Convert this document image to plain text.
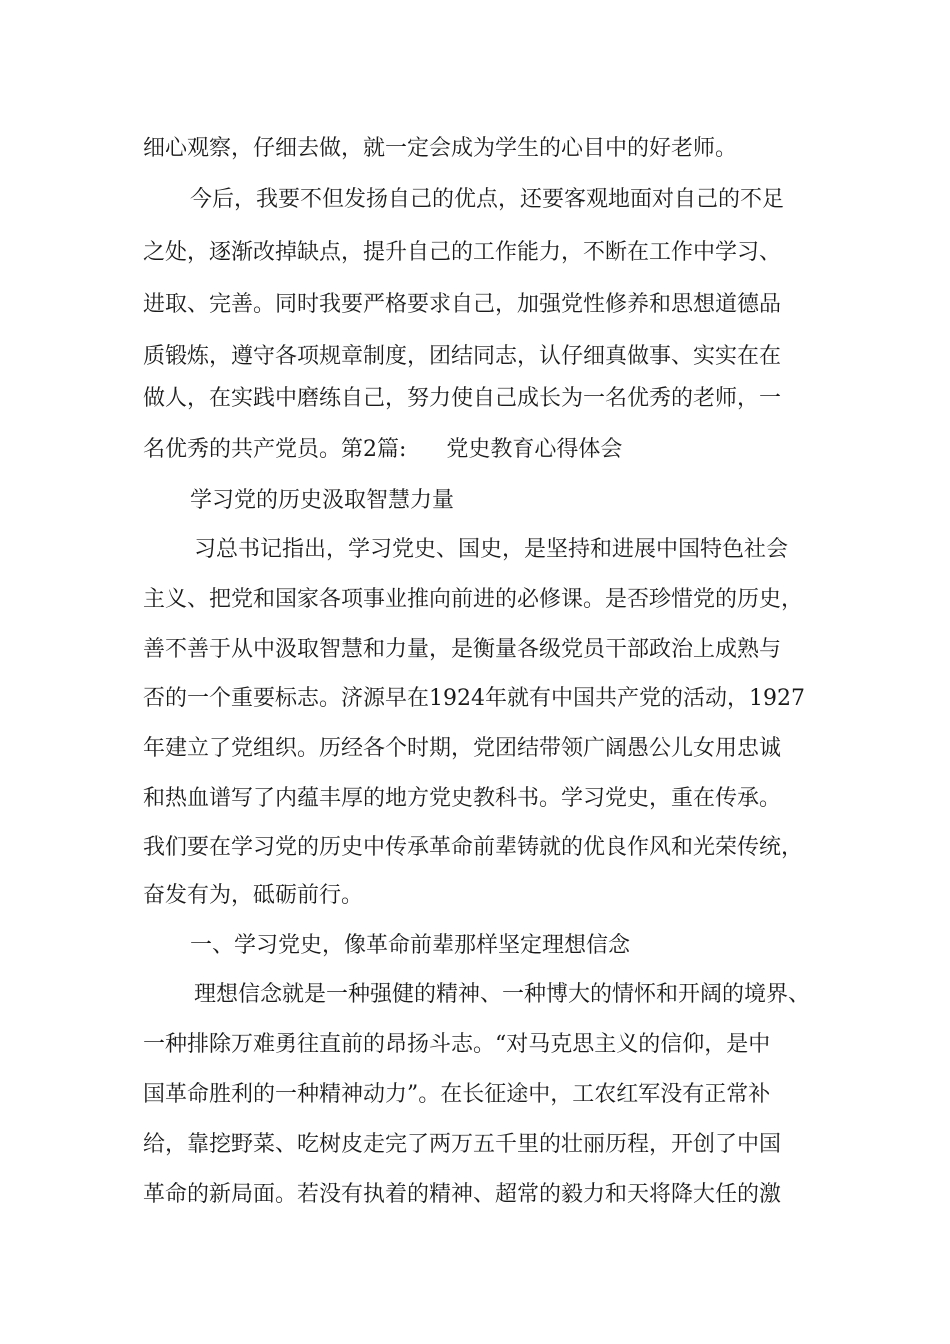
细心观察，仔细去做，就一定会成为学生的心目中的好老师。
今后，我要不但发扬自己的优点，还要客观地面对自己的不足
之处，逐渐改掉缺点，提升自己的工作能力，不断在工作中学习、
进取、完善。同时我要严格要求自己，加强党性修养和思想道德品
质锻炼，遵守各项规章制度，团结同志，认仔细真做事、实实在在
做人，在实践中磨练自己，努力使自己成长为一名优秀的老师，一
名优秀的共产党员。第2篇: 党史教育心得体会
学习党的历史汲取智慧力量
习总书记指出，学习党史、国史，是坚持和进展中国特色社会
主义、把党和国家各项事业推向前进的必修课。是否珍惜党的历史，
善不善于从中汲取智慧和力量，是衡量各级党员干部政治上成熟与
否的一个重要标志。济源早在1924年就有中国共产党的活动，1927
年建立了党组织。历经各个时期，党团结带领广阔愚公儿女用忠诚
和热血谱写了内蕴丰厚的地方党史教科书。学习党史，重在传承。
我们要在学习党的历史中传承革命前辈铸就的优良作风和光荣传统，
奋发有为，砥砺前行。
一、学习党史，像革命前辈那样坚定理想信念
理想信念就是一种强健的精神、一种博大的情怀和开阔的境界、
一种排除万难勇往直前的昂扬斗志。“对马克思主义的信仰，是中
国革命胜利的一种精神动力”。在长征途中，工农红军没有正常补
给，靠挖野菜、吃树皮走完了两万五千里的壮丽历程，开创了中国
革命的新局面。若没有执着的精神、超常的毅力和天将降大任的激
